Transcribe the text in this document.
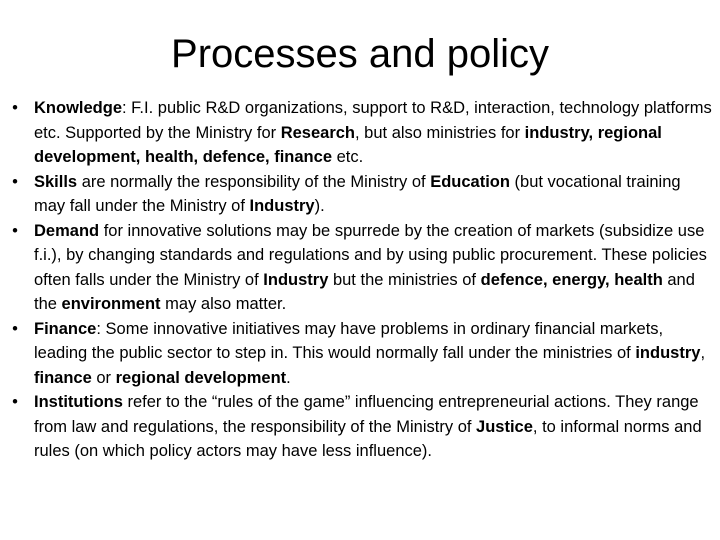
Processes and policy
• Knowledge: F.I. public R&D organizations, support to R&D, interaction, technology platforms etc. Supported by the Ministry for Research, but also ministries for industry, regional development, health, defence, finance etc.
• Skills are normally the responsibility of the Ministry of Education (but vocational training may fall under the Ministry of Industry).
• Demand for innovative solutions may be spurrede by the creation of markets (subsidize use f.i.), by changing standards and regulations and by using public procurement. These policies often falls under the Ministry of Industry but the ministries of defence, energy, health and the environment may also matter.
• Finance: Some innovative initiatives may have problems in ordinary financial markets, leading the public sector to step in. This would normally fall under the ministries of industry, finance or regional development.
• Institutions refer to the “rules of the game” influencing entrepreneurial actions. They range from law and regulations, the responsibility of the Ministry of Justice, to informal norms and rules (on which policy actors may have less influence).
